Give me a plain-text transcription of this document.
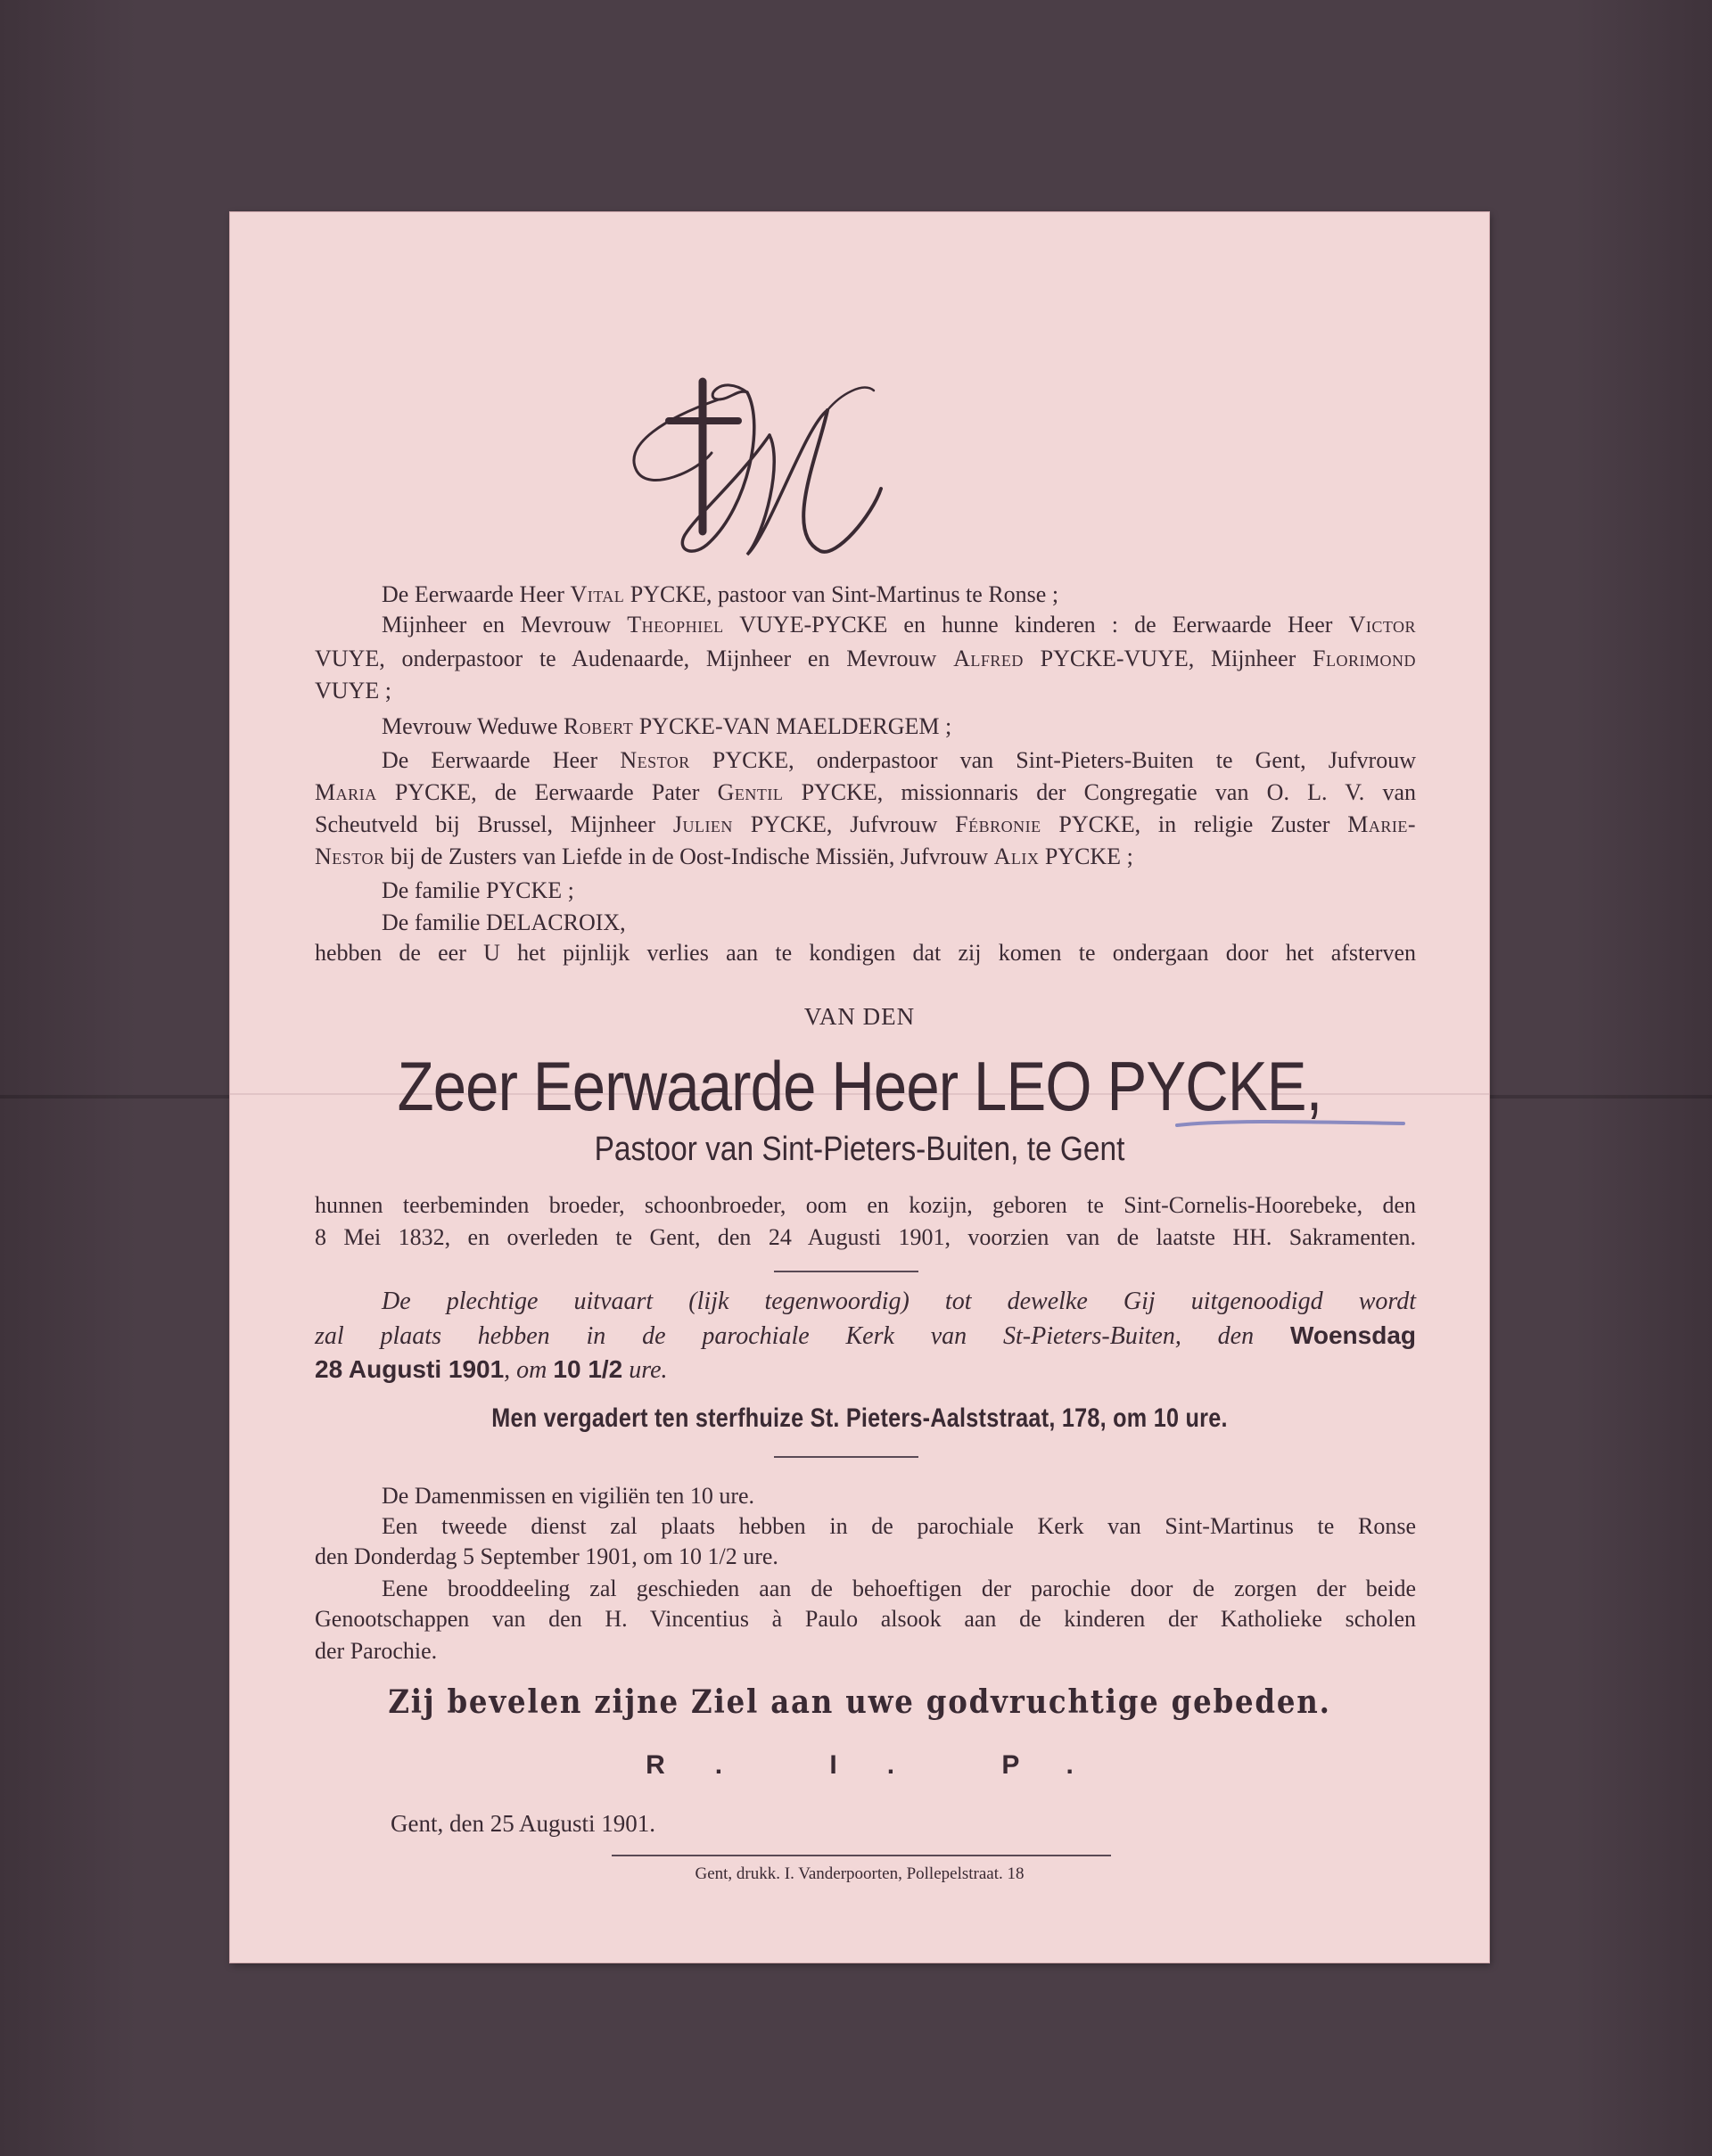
De Eerwaarde Heer Vital PYCKE, pastoor van Sint-Martinus te Ronse ;
Mijnheer en Mevrouw Theophiel VUYE-PYCKE en hunne kinderen : de Eerwaarde Heer Victor
VUYE, onderpastoor te Audenaarde, Mijnheer en Mevrouw Alfred PYCKE-VUYE, Mijnheer Florimond
VUYE ;
Mevrouw Weduwe Robert PYCKE-VAN MAELDERGEM ;
De Eerwaarde Heer Nestor PYCKE, onderpastoor van Sint-Pieters-Buiten te Gent, Jufvrouw
Maria PYCKE, de Eerwaarde Pater Gentil PYCKE, missionnaris der Congregatie van O. L. V. van
Scheutveld bij Brussel, Mijnheer Julien PYCKE, Jufvrouw Fébronie PYCKE, in religie Zuster Marie-
Nestor bij de Zusters van Liefde in de Oost-Indische Missiën, Jufvrouw Alix PYCKE ;
De familie PYCKE ;
De familie DELACROIX,
hebben de eer U het pijnlijk verlies aan te kondigen dat zij komen te ondergaan door het afsterven
VAN DEN
Zeer Eerwaarde Heer LEO PYCKE,
Pastoor van Sint-Pieters-Buiten, te Gent
hunnen teerbeminden broeder, schoonbroeder, oom en kozijn, geboren te Sint-Cornelis-Hoorebeke, den
8 Mei 1832, en overleden te Gent, den 24 Augusti 1901, voorzien van de laatste HH. Sakramenten.
De plechtige uitvaart (lijk tegenwoordig) tot dewelke Gij uitgenoodigd wordt
zal plaats hebben in de parochiale Kerk van St-Pieters-Buiten, den Woensdag
28 Augusti 1901, om 10 1/2 ure.
Men vergadert ten sterfhuize St. Pieters-Aalststraat, 178, om 10 ure.
De Damenmissen en vigiliën ten 10 ure.
Een tweede dienst zal plaats hebben in de parochiale Kerk van Sint-Martinus te Ronse
den Donderdag 5 September 1901, om 10 1/2 ure.
Eene brooddeeling zal geschieden aan de behoeftigen der parochie door de zorgen der beide
Genootschappen van den H. Vincentius à Paulo alsook aan de kinderen der Katholieke scholen
der Parochie.
Zij bevelen zijne Ziel aan uwe godvruchtige gebeden.
R. I. P.
Gent, den 25 Augusti 1901.
Gent, drukk. I. Vanderpoorten, Pollepelstraat. 18
